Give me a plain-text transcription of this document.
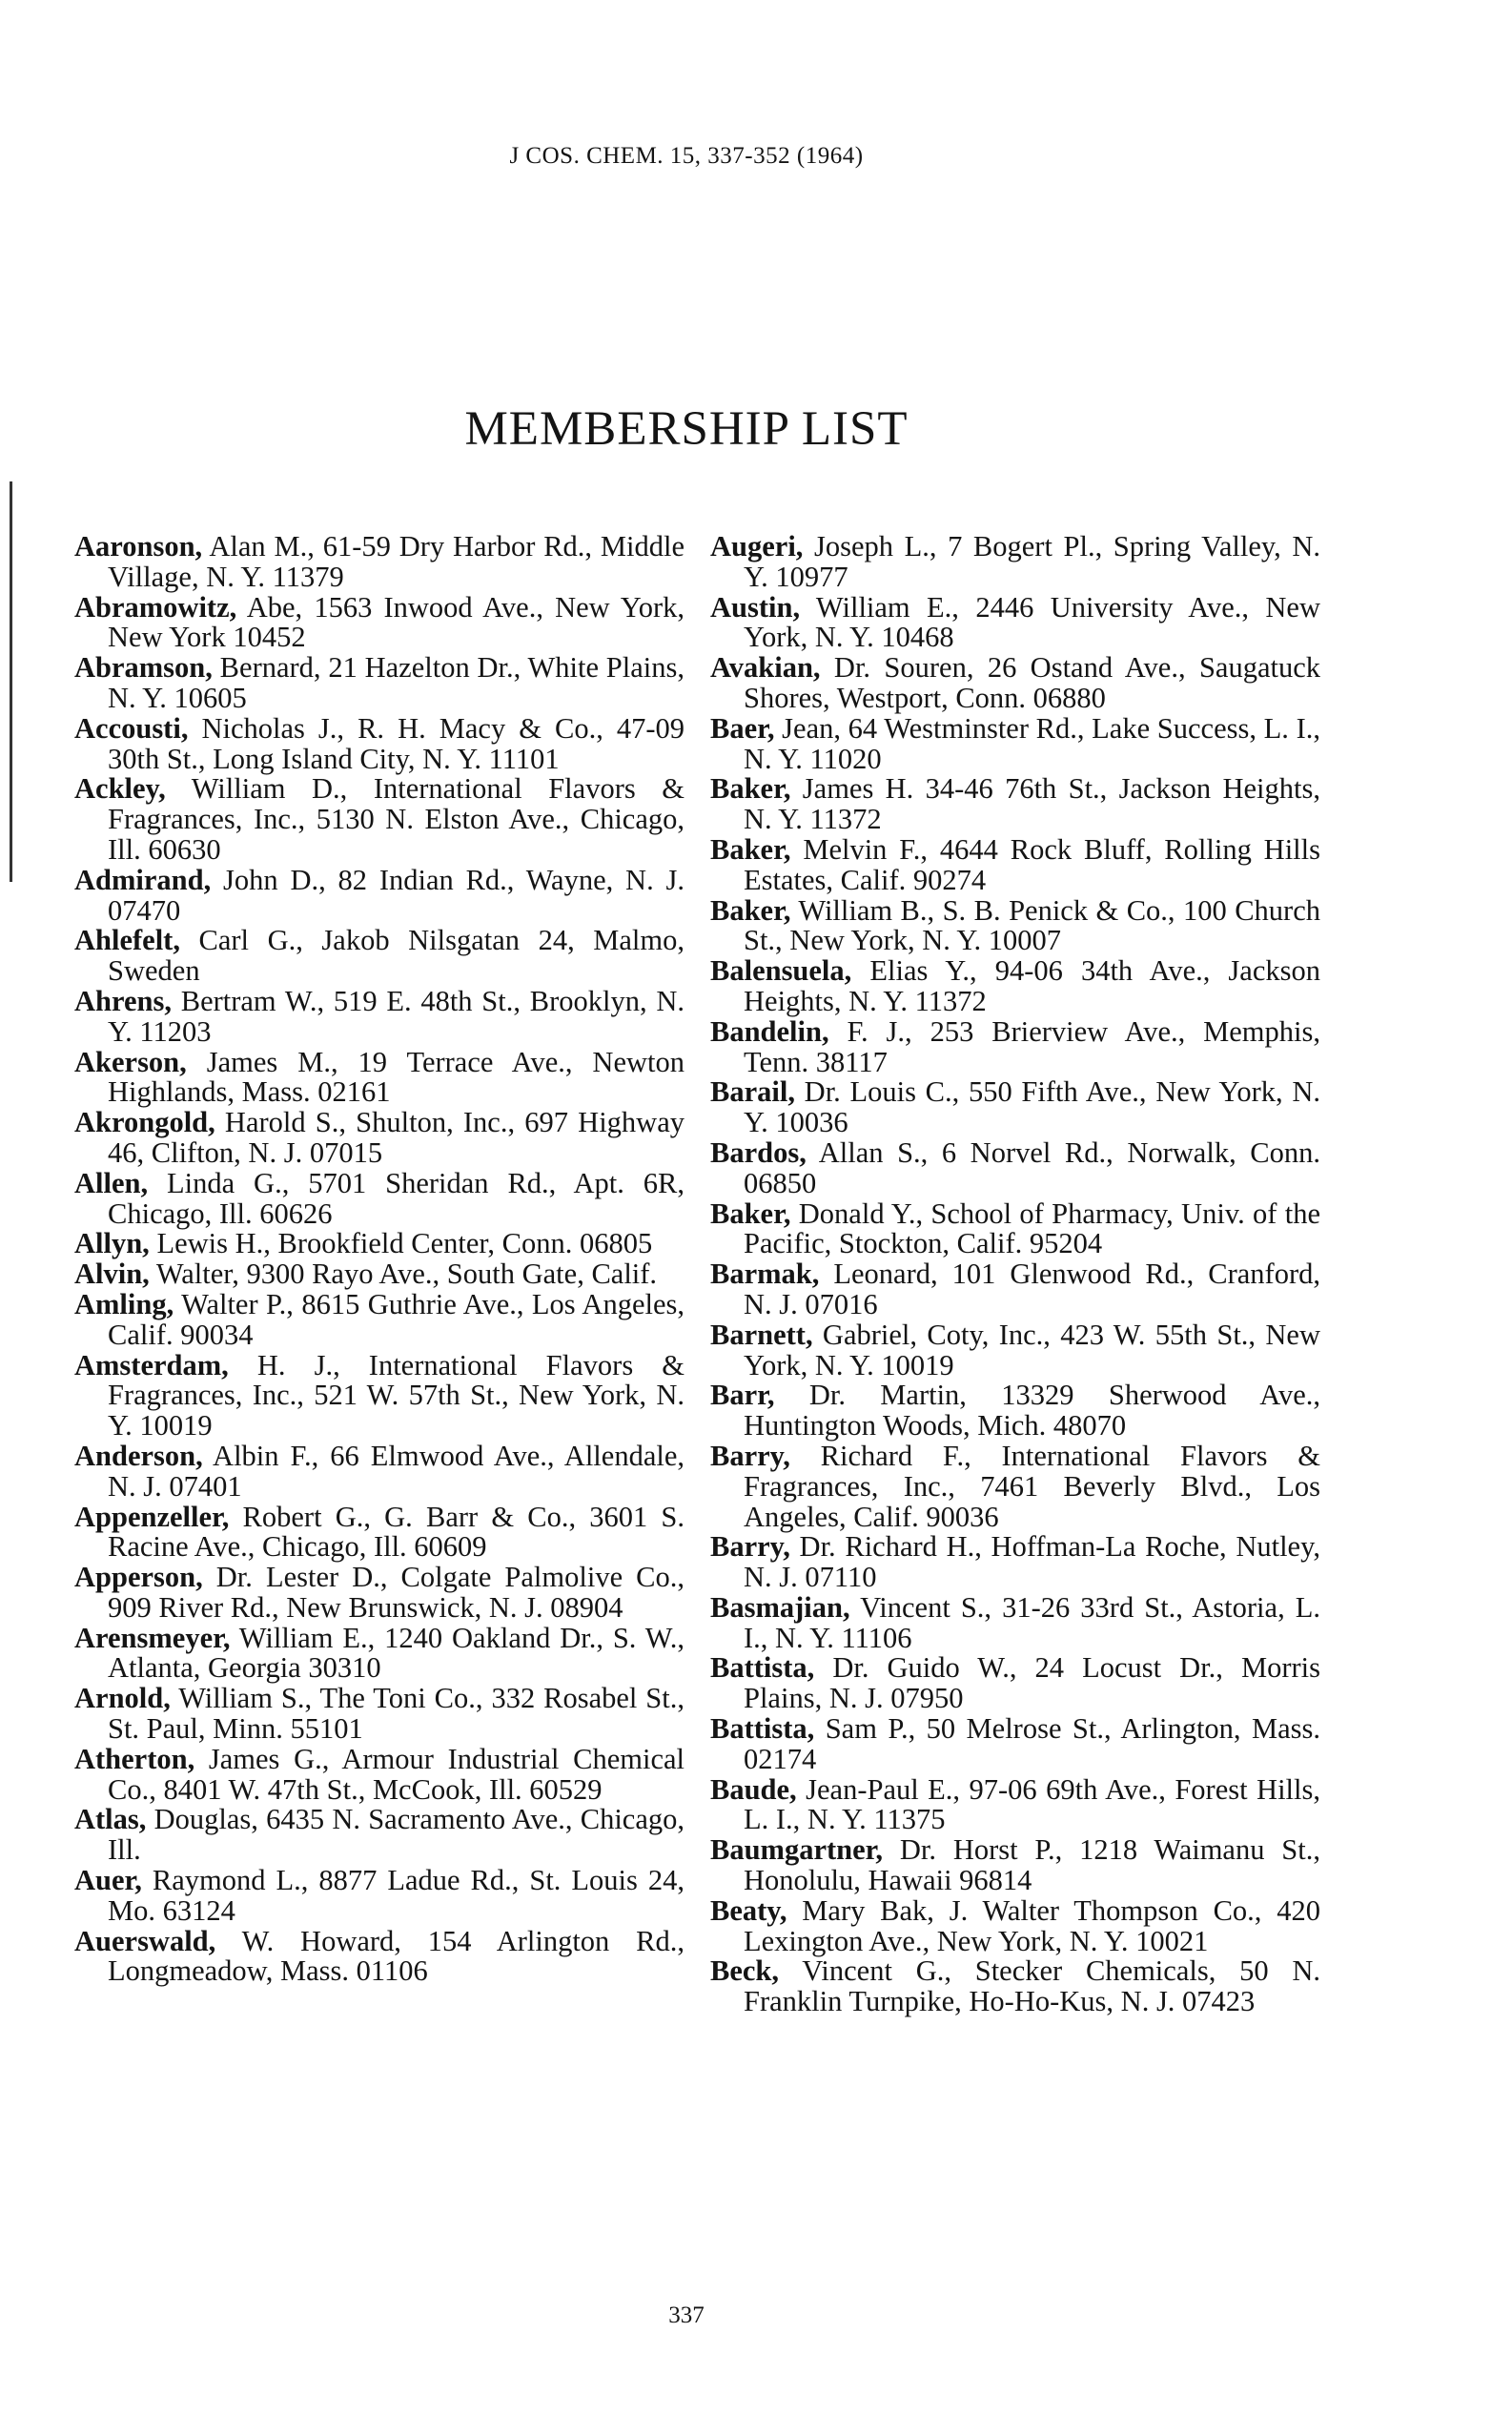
J COS. CHEM. 15, 337-352 (1964)
MEMBERSHIP LIST

Aaronson, Alan M., 61-59 Dry Harbor Rd., Middle Village, N. Y. 11379

Abramowitz, Abe, 1563 Inwood Ave., New York, New York 10452

Abramson, Bernard, 21 Hazelton Dr., White Plains, N. Y. 10605

Accousti, Nicholas J., R. H. Macy & Co., 47-09 30th St., Long Island City, N. Y. 11101

Ackley, William D., International Flavors & Fragrances, Inc., 5130 N. Elston Ave., Chicago, Ill. 60630

Admirand, John D., 82 Indian Rd., Wayne, N. J. 07470

Ahlefelt, Carl G., Jakob Nilsgatan 24, Malmo, Sweden

Ahrens, Bertram W., 519 E. 48th St., Brooklyn, N. Y. 11203

Akerson, James M., 19 Terrace Ave., Newton Highlands, Mass. 02161

Akrongold, Harold S., Shulton, Inc., 697 Highway 46, Clifton, N. J. 07015

Allen, Linda G., 5701 Sheridan Rd., Apt. 6R, Chicago, Ill. 60626

Allyn, Lewis H., Brookfield Center, Conn. 06805

Alvin, Walter, 9300 Rayo Ave., South Gate, Calif.

Amling, Walter P., 8615 Guthrie Ave., Los Angeles, Calif. 90034

Amsterdam, H. J., International Flavors & Fragrances, Inc., 521 W. 57th St., New York, N. Y. 10019

Anderson, Albin F., 66 Elmwood Ave., Allendale, N. J. 07401

Appenzeller, Robert G., G. Barr & Co., 3601 S. Racine Ave., Chicago, Ill. 60609

Apperson, Dr. Lester D., Colgate Palmolive Co., 909 River Rd., New Brunswick, N. J. 08904

Arensmeyer, William E., 1240 Oakland Dr., S. W., Atlanta, Georgia 30310

Arnold, William S., The Toni Co., 332 Rosabel St., St. Paul, Minn. 55101

Atherton, James G., Armour Industrial Chemical Co., 8401 W. 47th St., McCook, Ill. 60529

Atlas, Douglas, 6435 N. Sacramento Ave., Chicago, Ill.

Auer, Raymond L., 8877 Ladue Rd., St. Louis 24, Mo. 63124

Auerswald, W. Howard, 154 Arlington Rd., Longmeadow, Mass. 01106

Augeri, Joseph L., 7 Bogert Pl., Spring Valley, N. Y. 10977

Austin, William E., 2446 University Ave., New York, N. Y. 10468

Avakian, Dr. Souren, 26 Ostand Ave., Saugatuck Shores, Westport, Conn. 06880

Baer, Jean, 64 Westminster Rd., Lake Success, L. I., N. Y. 11020

Baker, James H. 34-46 76th St., Jackson Heights, N. Y. 11372

Baker, Melvin F., 4644 Rock Bluff, Rolling Hills Estates, Calif. 90274

Baker, William B., S. B. Penick & Co., 100 Church St., New York, N. Y. 10007

Balensuela, Elias Y., 94-06 34th Ave., Jackson Heights, N. Y. 11372

Bandelin, F. J., 253 Brierview Ave., Memphis, Tenn. 38117

Barail, Dr. Louis C., 550 Fifth Ave., New York, N. Y. 10036

Bardos, Allan S., 6 Norvel Rd., Norwalk, Conn. 06850

Baker, Donald Y., School of Pharmacy, Univ. of the Pacific, Stockton, Calif. 95204

Barmak, Leonard, 101 Glenwood Rd., Cranford, N. J. 07016

Barnett, Gabriel, Coty, Inc., 423 W. 55th St., New York, N. Y. 10019

Barr, Dr. Martin, 13329 Sherwood Ave., Huntington Woods, Mich. 48070

Barry, Richard F., International Flavors & Fragrances, Inc., 7461 Beverly Blvd., Los Angeles, Calif. 90036

Barry, Dr. Richard H., Hoffman-La Roche, Nutley, N. J. 07110

Basmajian, Vincent S., 31-26 33rd St., Astoria, L. I., N. Y. 11106

Battista, Dr. Guido W., 24 Locust Dr., Morris Plains, N. J. 07950

Battista, Sam P., 50 Melrose St., Arlington, Mass. 02174

Baude, Jean-Paul E., 97-06 69th Ave., Forest Hills, L. I., N. Y. 11375

Baumgartner, Dr. Horst P., 1218 Waimanu St., Honolulu, Hawaii 96814

Beaty, Mary Bak, J. Walter Thompson Co., 420 Lexington Ave., New York, N. Y. 10021

Beck, Vincent G., Stecker Chemicals, 50 N. Franklin Turnpike, Ho-Ho-Kus, N. J. 07423

337
